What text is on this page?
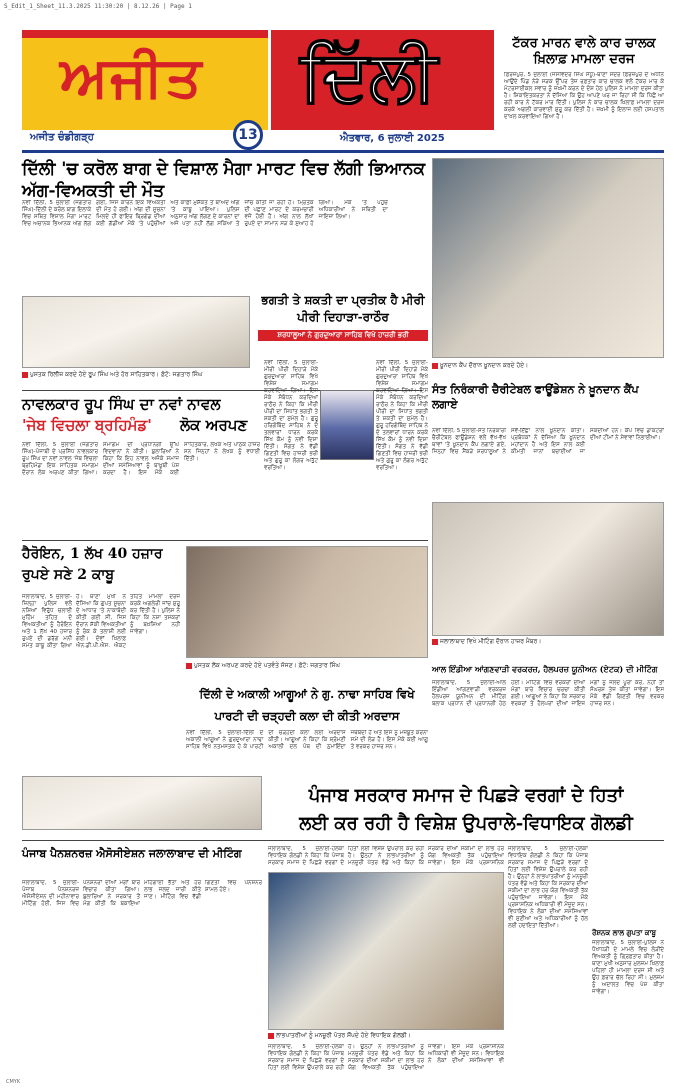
S_Edit_1_Sheet_11.3.2025 11:30:20 | 8.12.26 | Page 1
ਅਜੀਤ
ਅਜੀਤ ਚੰਡੀਗੜ੍ਹ	13
ਦਿੱਲੀ
ਐਤਵਾਰ, 6 ਜੁਲਾਈ 2025
ਟੱਕਰ ਮਾਰਨ ਵਾਲੇ ਕਾਰ ਚਾਲਕ ਖ਼ਿਲਾਫ਼ ਮਾਮਲਾ ਦਰਜ
ਫ਼ਿਰੋਜ਼ਪੁਰ, 5 ਜੁਲਾਈ (ਜਸਵਿੰਦਰ ਸਿੰਘ ਸੰਧੂ)-ਥਾਣਾ ਸਦਰ ਫ਼ਿਰੋਜ਼ਪੁਰ ਦੇ ਅਧੀਨ ਆਉਂਦੇ ਪਿੰਡ ਨੇੜੇ ਸੜਕ ਉੱਪਰ ਤੇਜ਼ ਰਫ਼ਤਾਰ ਕਾਰ ਚਾਲਕ ਵਲੋਂ ਟੱਕਰ ਮਾਰ ਕੇ ਮੋਟਰਸਾਈਕਲ ਸਵਾਰ ਨੂੰ ਜ਼ਖ਼ਮੀ ਕਰਨ ਦੇ ਦੋਸ਼ ਹੇਠ ਪੁਲਿਸ ਨੇ ਮਾਮਲਾ ਦਰਜ ਕੀਤਾ ਹੈ। ਸ਼ਿਕਾਇਤਕਰਤਾ ਨੇ ਦੱਸਿਆ ਕਿ ਉਹ ਆਪਣੇ ਘਰ ਜਾ ਰਿਹਾ ਸੀ ਕਿ ਪਿੱਛੋਂ ਆ ਰਹੀ ਕਾਰ ਨੇ ਟੱਕਰ ਮਾਰ ਦਿੱਤੀ। ਪੁਲਿਸ ਨੇ ਕਾਰ ਚਾਲਕ ਖ਼ਿਲਾਫ਼ ਮਾਮਲਾ ਦਰਜ ਕਰਕੇ ਅਗਲੀ ਕਾਰਵਾਈ ਸ਼ੁਰੂ ਕਰ ਦਿੱਤੀ ਹੈ। ਜ਼ਖ਼ਮੀ ਨੂੰ ਇਲਾਜ ਲਈ ਹਸਪਤਾਲ ਦਾਖ਼ਲ ਕਰਵਾਇਆ ਗਿਆ ਹੈ।
ਦਿੱਲੀ 'ਚ ਕਰੋਲ ਬਾਗ ਦੇ ਵਿਸ਼ਾਲ ਮੈਗਾ ਮਾਰਟ ਵਿਚ ਲੱਗੀ ਭਿਆਨਕ ਅੱਗ-ਵਿਅਕਤੀ ਦੀ ਮੌਤ
ਨਵੀਂ ਦਿੱਲੀ, 5 ਜੁਲਾਈ (ਜਗਤਾਰ ਸਿੰਘ)-ਦਿੱਲੀ ਦੇ ਕਰੋਲ ਬਾਗ ਇਲਾਕੇ ਵਿਚ ਸਥਿਤ ਵਿਸ਼ਾਲ ਮੈਗਾ ਮਾਰਟ ਵਿਚ ਅਚਾਨਕ ਭਿਆਨਕ ਅੱਗ ਲੱਗ ਗਈ, ਜਿਸ ਕਾਰਨ ਇਕ ਵਿਅਕਤੀ ਦੀ ਮੌਤ ਹੋ ਗਈ। ਅੱਗ ਦੀ ਸੂਚਨਾ ਮਿਲਦੇ ਹੀ ਫਾਇਰ ਬ੍ਰਿਗੇਡ ਦੀਆਂ ਕਈ ਗੱਡੀਆਂ ਮੌਕੇ 'ਤੇ ਪਹੁੰਚੀਆਂ ਅਤੇ ਕਾਫ਼ੀ ਮੁਸ਼ੱਕਤ ਤੋਂ ਬਾਅਦ ਅੱਗ 'ਤੇ ਕਾਬੂ ਪਾਇਆ। ਪੁਲਿਸ ਅਨੁਸਾਰ ਅੱਗ ਲੱਗਣ ਦੇ ਕਾਰਨਾਂ ਦਾ ਅਜੇ ਪਤਾ ਨਹੀਂ ਲੱਗ ਸਕਿਆ ਤੇ ਜਾਂਚ ਕੀਤੀ ਜਾ ਰਹੀ ਹੈ। ਮ੍ਰਿਤਕ ਦੀ ਪਛਾਣ ਮਾਰਟ ਦੇ ਕਰਮਚਾਰੀ ਵਜੋਂ ਹੋਈ ਹੈ। ਅੱਗ ਨਾਲ ਲੱਖਾਂ ਰੁਪਏ ਦਾ ਸਾਮਾਨ ਸੜ ਕੇ ਸੁਆਹ ਹੋ ਗਿਆ। ਮੌਕੇ 'ਤੇ ਪਹੁੰਚੇ ਅਧਿਕਾਰੀਆਂ ਨੇ ਸਥਿਤੀ ਦਾ ਜਾਇਜ਼ਾ ਲਿਆ।
ਖ਼ੂਨਦਾਨ ਕੈਂਪ ਦੌਰਾਨ ਖ਼ੂਨਦਾਨ ਕਰਦੇ ਹੋਏ।
ਪੁਸਤਕ ਰਿਲੀਜ਼ ਕਰਦੇ ਹੋਏ ਰੂਪ ਸਿੰਘ ਅਤੇ ਹੋਰ ਸਾਹਿਤਕਾਰ। ਫ਼ੋਟੋ: ਜਗਤਾਰ ਸਿੰਘ
ਭਗਤੀ ਤੇ ਸ਼ਕਤੀ ਦਾ ਪ੍ਰਤੀਕ ਹੈ ਮੀਰੀ ਪੀਰੀ ਦਿਹਾੜਾ-ਰਾਠੌਰ
ਸ਼ਰਧਾਲੂਆਂ ਨੇ ਗੁਰਦੁਆਰਾ ਸਾਹਿਬ ਵਿਖੇ ਹਾਜ਼ਰੀ ਭਰੀ
ਨਾਵਲਕਾਰ ਰੂਪ ਸਿੰਘ ਦਾ ਨਵਾਂ ਨਾਵਲ
'ਜੇਬ ਵਿਚਲਾ ਬ੍ਰਹਿਮੰਡ'	ਲੋਕ ਅਰਪਣ
ਨਵੀਂ ਦਿੱਲੀ, 5 ਜੁਲਾਈ (ਜਗਤਾਰ ਸਿੰਘ)-ਪੰਜਾਬੀ ਦੇ ਪ੍ਰਸਿੱਧ ਨਾਵਲਕਾਰ ਰੂਪ ਸਿੰਘ ਦਾ ਨਵਾਂ ਨਾਵਲ 'ਜੇਬ ਵਿਚਲਾ ਬ੍ਰਹਿਮੰਡ' ਇਕ ਸਾਹਿਤਕ ਸਮਾਗਮ ਦੌਰਾਨ ਲੋਕ ਅਰਪਣ ਕੀਤਾ ਗਿਆ। ਸਮਾਗਮ ਦੀ ਪ੍ਰਧਾਨਗੀ ਉੱਘੇ ਵਿਦਵਾਨਾਂ ਨੇ ਕੀਤੀ। ਬੁਲਾਰਿਆਂ ਨੇ ਕਿਹਾ ਕਿ ਇਹ ਨਾਵਲ ਅਜੋਕੇ ਸਮਾਜ ਦੀਆਂ ਸਮੱਸਿਆਵਾਂ ਨੂੰ ਬਾਖ਼ੂਬੀ ਪੇਸ਼ ਕਰਦਾ ਹੈ। ਇਸ ਮੌਕੇ ਕਈ ਸਾਹਿਤਕਾਰ, ਲੇਖਕ ਅਤੇ ਪਾਠਕ ਹਾਜ਼ਰ ਸਨ ਜਿਨ੍ਹਾਂ ਨੇ ਲੇਖਕ ਨੂੰ ਵਧਾਈ ਦਿੱਤੀ।
ਨਵੀਂ ਦਿੱਲੀ, 5 ਜੁਲਾਈ-ਮੀਰੀ ਪੀਰੀ ਦਿਹਾੜੇ ਮੌਕੇ ਗੁਰਦੁਆਰਾ ਸਾਹਿਬ ਵਿਖੇ ਵਿਸ਼ੇਸ਼ ਸਮਾਗਮ ਕਰਵਾਇਆ ਗਿਆ। ਇਸ ਮੌਕੇ ਸੰਬੋਧਨ ਕਰਦਿਆਂ ਰਾਠੌਰ ਨੇ ਕਿਹਾ ਕਿ ਮੀਰੀ ਪੀਰੀ ਦਾ ਸਿਧਾਂਤ ਭਗਤੀ ਤੇ ਸ਼ਕਤੀ ਦਾ ਸੁਮੇਲ ਹੈ। ਗੁਰੂ ਹਰਿਗੋਬਿੰਦ ਸਾਹਿਬ ਨੇ ਦੋ ਤਲਵਾਰਾਂ ਧਾਰਨ ਕਰਕੇ ਸਿੱਖ ਕੌਮ ਨੂੰ ਨਵੀਂ ਦਿਸ਼ਾ ਦਿੱਤੀ। ਸੰਗਤ ਨੇ ਵੱਡੀ ਗਿਣਤੀ ਵਿਚ ਹਾਜ਼ਰੀ ਭਰੀ ਅਤੇ ਗੁਰੂ ਕਾ ਲੰਗਰ ਅਤੁੱਟ ਵਰਤਿਆ।
ਨਵੀਂ ਦਿੱਲੀ, 5 ਜੁਲਾਈ-ਮੀਰੀ ਪੀਰੀ ਦਿਹਾੜੇ ਮੌਕੇ ਗੁਰਦੁਆਰਾ ਸਾਹਿਬ ਵਿਖੇ ਵਿਸ਼ੇਸ਼ ਸਮਾਗਮ ਕਰਵਾਇਆ ਗਿਆ। ਇਸ ਮੌਕੇ ਸੰਬੋਧਨ ਕਰਦਿਆਂ ਰਾਠੌਰ ਨੇ ਕਿਹਾ ਕਿ ਮੀਰੀ ਪੀਰੀ ਦਾ ਸਿਧਾਂਤ ਭਗਤੀ ਤੇ ਸ਼ਕਤੀ ਦਾ ਸੁਮੇਲ ਹੈ। ਗੁਰੂ ਹਰਿਗੋਬਿੰਦ ਸਾਹਿਬ ਨੇ ਦੋ ਤਲਵਾਰਾਂ ਧਾਰਨ ਕਰਕੇ ਸਿੱਖ ਕੌਮ ਨੂੰ ਨਵੀਂ ਦਿਸ਼ਾ ਦਿੱਤੀ। ਸੰਗਤ ਨੇ ਵੱਡੀ ਗਿਣਤੀ ਵਿਚ ਹਾਜ਼ਰੀ ਭਰੀ ਅਤੇ ਗੁਰੂ ਕਾ ਲੰਗਰ ਅਤੁੱਟ ਵਰਤਿਆ।
ਸੰਤ ਨਿਰੰਕਾਰੀ ਚੈਰੀਟੇਬਲ ਫਾਊਂਡੇਸ਼ਨ ਨੇ ਖ਼ੂਨਦਾਨ ਕੈਂਪ ਲਗਾਏ
ਨਵੀਂ ਦਿੱਲੀ, 5 ਜੁਲਾਈ-ਸੰਤ ਨਿਰੰਕਾਰੀ ਚੈਰੀਟੇਬਲ ਫਾਊਂਡੇਸ਼ਨ ਵਲੋਂ ਵੱਖ-ਵੱਖ ਥਾਵਾਂ 'ਤੇ ਖ਼ੂਨਦਾਨ ਕੈਂਪ ਲਗਾਏ ਗਏ, ਜਿਨ੍ਹਾਂ ਵਿਚ ਸੈਂਕੜੇ ਸ਼ਰਧਾਲੂਆਂ ਨੇ ਸਵੈ-ਇੱਛਾ ਨਾਲ ਖ਼ੂਨਦਾਨ ਕੀਤਾ। ਪ੍ਰਬੰਧਕਾਂ ਨੇ ਦੱਸਿਆ ਕਿ ਖ਼ੂਨਦਾਨ ਮਹਾਂਦਾਨ ਹੈ ਅਤੇ ਇਸ ਨਾਲ ਕਈ ਕੀਮਤੀ ਜਾਨਾਂ ਬਚਾਈਆਂ ਜਾ ਸਕਦੀਆਂ ਹਨ। ਕੈਂਪ ਵਿਚ ਡਾਕਟਰਾਂ ਦੀਆਂ ਟੀਮਾਂ ਨੇ ਸੇਵਾਵਾਂ ਨਿਭਾਈਆਂ।
ਜਲਾਲਾਬਾਦ ਵਿਖੇ ਮੀਟਿੰਗ ਦੌਰਾਨ ਹਾਜ਼ਰ ਮੈਂਬਰ।
ਹੈਰੋਇਨ, 1 ਲੱਖ 40 ਹਜ਼ਾਰ ਰੁਪਏ ਸਣੇ 2 ਕਾਬੂ
ਜਲਾਲਾਬਾਦ, 5 ਜੁਲਾਈ-ਜ਼ਿਲ੍ਹਾ ਪੁਲਿਸ ਵਲੋਂ ਨਸ਼ਿਆਂ ਵਿਰੁੱਧ ਚਲਾਈ ਮੁਹਿੰਮ ਤਹਿਤ ਦੋ ਵਿਅਕਤੀਆਂ ਨੂੰ ਹੈਰੋਇਨ ਅਤੇ 1 ਲੱਖ 40 ਹਜ਼ਾਰ ਰੁਪਏ ਦੀ ਡਰੱਗ ਮਨੀ ਸਮੇਤ ਕਾਬੂ ਕੀਤਾ ਗਿਆ ਹੈ। ਥਾਣਾ ਮੁਖੀ ਨੇ ਦੱਸਿਆ ਕਿ ਗੁਪਤ ਸੂਚਨਾ ਦੇ ਆਧਾਰ 'ਤੇ ਨਾਕਾਬੰਦੀ ਕੀਤੀ ਗਈ ਸੀ, ਜਿਸ ਦੌਰਾਨ ਸ਼ੱਕੀ ਵਿਅਕਤੀਆਂ ਨੂੰ ਰੋਕ ਕੇ ਤਲਾਸ਼ੀ ਲਈ ਗਈ। ਦੋਵਾਂ ਖ਼ਿਲਾਫ਼ ਐਨ.ਡੀ.ਪੀ.ਐਸ. ਐਕਟ ਤਹਿਤ ਮਾਮਲਾ ਦਰਜ ਕਰਕੇ ਅਗਲੇਰੀ ਜਾਂਚ ਸ਼ੁਰੂ ਕਰ ਦਿੱਤੀ ਹੈ। ਪੁਲਿਸ ਨੇ ਕਿਹਾ ਕਿ ਨਸ਼ਾ ਤਸਕਰਾਂ ਨੂੰ ਬਖ਼ਸ਼ਿਆ ਨਹੀਂ ਜਾਵੇਗਾ।
ਪੁਸਤਕ ਲੋਕ ਅਰਪਣ ਕਰਦੇ ਹੋਏ ਪਤਵੰਤੇ ਸੱਜਣ। ਫ਼ੋਟੋ: ਜਗਤਾਰ ਸਿੰਘ
ਦਿੱਲੀ ਦੇ ਅਕਾਲੀ ਆਗੂਆਂ ਨੇ ਗੁ. ਨਾਢਾ ਸਾਹਿਬ ਵਿਖੇ
ਪਾਰਟੀ ਦੀ ਚੜ੍ਹਦੀ ਕਲਾ ਦੀ ਕੀਤੀ ਅਰਦਾਸ
ਨਵੀਂ ਦਿੱਲੀ, 5 ਜੁਲਾਈ-ਦਿੱਲੀ ਦੇ ਅਕਾਲੀ ਆਗੂਆਂ ਨੇ ਗੁਰਦੁਆਰਾ ਨਾਢਾ ਸਾਹਿਬ ਵਿਖੇ ਨਤਮਸਤਕ ਹੋ ਕੇ ਪਾਰਟੀ ਦੀ ਚੜ੍ਹਦੀ ਕਲਾ ਲਈ ਅਰਦਾਸ ਕੀਤੀ। ਆਗੂਆਂ ਨੇ ਕਿਹਾ ਕਿ ਸ਼੍ਰੋਮਣੀ ਅਕਾਲੀ ਦਲ ਪੰਥ ਦੀ ਨੁਮਾਇੰਦਾ ਜਥੇਬੰਦੀ ਹੈ ਅਤੇ ਇਸ ਨੂੰ ਮਜ਼ਬੂਤ ਕਰਨਾ ਸਮੇਂ ਦੀ ਲੋੜ ਹੈ। ਇਸ ਮੌਕੇ ਕਈ ਆਗੂ ਤੇ ਵਰਕਰ ਹਾਜ਼ਰ ਸਨ।
ਆਲ ਇੰਡੀਆ ਆਂਗਣਵਾੜੀ ਵਰਕਰਜ਼, ਹੈਲਪਰਜ਼ ਯੂਨੀਅਨ (ਏਟਕ) ਦੀ ਮੀਟਿੰਗ
ਜਲਾਲਾਬਾਦ, 5 ਜੁਲਾਈ-ਆਲ ਇੰਡੀਆ ਆਂਗਣਵਾੜੀ ਵਰਕਰਜ਼ ਹੈਲਪਰਜ਼ ਯੂਨੀਅਨ ਦੀ ਮੀਟਿੰਗ ਬਲਾਕ ਪ੍ਰਧਾਨ ਦੀ ਪ੍ਰਧਾਨਗੀ ਹੇਠ ਹੋਈ। ਮੀਟਿੰਗ ਵਿਚ ਵਰਕਰਾਂ ਦੀਆਂ ਮੰਗਾਂ ਬਾਰੇ ਵਿਚਾਰ ਚਰਚਾ ਕੀਤੀ ਗਈ। ਆਗੂਆਂ ਨੇ ਕਿਹਾ ਕਿ ਸਰਕਾਰ ਵਰਕਰਾਂ ਤੇ ਹੈਲਪਰਾਂ ਦੀਆਂ ਜਾਇਜ਼ ਮੰਗਾਂ ਨੂੰ ਜਲਦ ਪੂਰਾ ਕਰੇ, ਨਹੀਂ ਤਾਂ ਸੰਘਰਸ਼ ਤੇਜ਼ ਕੀਤਾ ਜਾਵੇਗਾ। ਇਸ ਮੌਕੇ ਵੱਡੀ ਗਿਣਤੀ ਵਿਚ ਵਰਕਰ ਹਾਜ਼ਰ ਸਨ।
ਪੰਜਾਬ ਸਰਕਾਰ ਸਮਾਜ ਦੇ ਪਿਛੜੇ ਵਰਗਾਂ ਦੇ ਹਿਤਾਂ
ਲਈ ਕਰ ਰਹੀ ਹੈ ਵਿਸ਼ੇਸ਼ ਉਪਰਾਲੇ-ਵਿਧਾਇਕ ਗੋਲਡੀ
ਪੰਜਾਬ ਪੈਨਸ਼ਨਰਜ਼ ਐਸੋਸੀਏਸ਼ਨ ਜਲਾਲਾਬਾਦ ਦੀ ਮੀਟਿੰਗ
ਜਲਾਲਾਬਾਦ, 5 ਜੁਲਾਈ-ਪੰਜਾਬ ਪੈਨਸ਼ਨਰਜ਼ ਐਸੋਸੀਏਸ਼ਨ ਦੀ ਮਹੀਨਾਵਾਰ ਮੀਟਿੰਗ ਹੋਈ, ਜਿਸ ਵਿਚ ਪੈਨਸ਼ਨਰਾਂ ਦੀਆਂ ਮੰਗਾਂ ਬਾਰੇ ਵਿਚਾਰ ਕੀਤਾ ਗਿਆ। ਬੁਲਾਰਿਆਂ ਨੇ ਸਰਕਾਰ ਤੋਂ ਮੰਗ ਕੀਤੀ ਕਿ ਬਕਾਇਆ ਮਹਿੰਗਾਈ ਭੱਤਾ ਅਤੇ ਹੋਰ ਲਾਭ ਜਲਦ ਜਾਰੀ ਕੀਤੇ ਜਾਣ। ਮੀਟਿੰਗ ਵਿਚ ਵੱਡੀ ਗਿਣਤੀ ਵਿਚ ਪੈਨਸ਼ਨਰ ਸ਼ਾਮਲ ਹੋਏ।
ਜਲਾਲਾਬਾਦ, 5 ਜੁਲਾਈ-ਹਲਕਾ ਵਿਧਾਇਕ ਗੋਲਡੀ ਨੇ ਕਿਹਾ ਕਿ ਪੰਜਾਬ ਸਰਕਾਰ ਸਮਾਜ ਦੇ ਪਿਛੜੇ ਵਰਗਾਂ ਦੇ ਹਿਤਾਂ ਲਈ ਵਿਸ਼ੇਸ਼ ਉਪਰਾਲੇ ਕਰ ਰਹੀ ਹੈ। ਉਨ੍ਹਾਂ ਨੇ ਲਾਭਪਾਤਰੀਆਂ ਨੂੰ ਮਨਜ਼ੂਰੀ ਪੱਤਰ ਵੰਡੇ ਅਤੇ ਕਿਹਾ ਕਿ ਸਰਕਾਰ ਦੀਆਂ ਸਕੀਮਾਂ ਦਾ ਲਾਭ ਹਰ ਯੋਗ ਵਿਅਕਤੀ ਤੱਕ ਪਹੁੰਚਾਇਆ ਜਾਵੇਗਾ। ਇਸ ਮੌਕੇ ਪ੍ਰਸ਼ਾਸਨਿਕ
ਲਾਭਪਾਤਰੀਆਂ ਨੂੰ ਮਨਜ਼ੂਰੀ ਪੱਤਰ ਸੌਂਪਦੇ ਹੋਏ ਵਿਧਾਇਕ ਗੋਲਡੀ।
ਜਲਾਲਾਬਾਦ, 5 ਜੁਲਾਈ-ਹਲਕਾ ਵਿਧਾਇਕ ਗੋਲਡੀ ਨੇ ਕਿਹਾ ਕਿ ਪੰਜਾਬ ਸਰਕਾਰ ਸਮਾਜ ਦੇ ਪਿਛੜੇ ਵਰਗਾਂ ਦੇ ਹਿਤਾਂ ਲਈ ਵਿਸ਼ੇਸ਼ ਉਪਰਾਲੇ ਕਰ ਰਹੀ ਹੈ। ਉਨ੍ਹਾਂ ਨੇ ਲਾਭਪਾਤਰੀਆਂ ਨੂੰ ਮਨਜ਼ੂਰੀ ਪੱਤਰ ਵੰਡੇ ਅਤੇ ਕਿਹਾ ਕਿ ਸਰਕਾਰ ਦੀਆਂ ਸਕੀਮਾਂ ਦਾ ਲਾਭ ਹਰ ਯੋਗ ਵਿਅਕਤੀ ਤੱਕ ਪਹੁੰਚਾਇਆ ਜਾਵੇਗਾ। ਇਸ ਮੌਕੇ ਪ੍ਰਸ਼ਾਸਨਿਕ ਅਧਿਕਾਰੀ ਵੀ ਮੌਜੂਦ ਸਨ। ਵਿਧਾਇਕ ਨੇ ਲੋਕਾਂ ਦੀਆਂ ਸਮੱਸਿਆਵਾਂ ਵੀ
ਜਲਾਲਾਬਾਦ, 5 ਜੁਲਾਈ-ਹਲਕਾ ਵਿਧਾਇਕ ਗੋਲਡੀ ਨੇ ਕਿਹਾ ਕਿ ਪੰਜਾਬ ਸਰਕਾਰ ਸਮਾਜ ਦੇ ਪਿਛੜੇ ਵਰਗਾਂ ਦੇ ਹਿਤਾਂ ਲਈ ਵਿਸ਼ੇਸ਼ ਉਪਰਾਲੇ ਕਰ ਰਹੀ ਹੈ। ਉਨ੍ਹਾਂ ਨੇ ਲਾਭਪਾਤਰੀਆਂ ਨੂੰ ਮਨਜ਼ੂਰੀ ਪੱਤਰ ਵੰਡੇ ਅਤੇ ਕਿਹਾ ਕਿ ਸਰਕਾਰ ਦੀਆਂ ਸਕੀਮਾਂ ਦਾ ਲਾਭ ਹਰ ਯੋਗ ਵਿਅਕਤੀ ਤੱਕ ਪਹੁੰਚਾਇਆ ਜਾਵੇਗਾ। ਇਸ ਮੌਕੇ ਪ੍ਰਸ਼ਾਸਨਿਕ ਅਧਿਕਾਰੀ ਵੀ ਮੌਜੂਦ ਸਨ। ਵਿਧਾਇਕ ਨੇ ਲੋਕਾਂ ਦੀਆਂ ਸਮੱਸਿਆਵਾਂ ਵੀ ਸੁਣੀਆਂ ਅਤੇ ਅਧਿਕਾਰੀਆਂ ਨੂੰ ਹੱਲ ਲਈ ਹਦਾਇਤਾਂ ਦਿੱਤੀਆਂ।
ਰੌਸ਼ਨਕ ਲਾਲ ਗੁਪਤਾ ਕਾਬੂ
ਜਲਾਲਾਬਾਦ, 5 ਜੁਲਾਈ-ਪੁਲਿਸ ਨੇ ਧੋਖਾਧੜੀ ਦੇ ਮਾਮਲੇ ਵਿਚ ਲੋੜੀਂਦੇ ਵਿਅਕਤੀ ਨੂੰ ਗ੍ਰਿਫ਼ਤਾਰ ਕੀਤਾ ਹੈ। ਥਾਣਾ ਮੁਖੀ ਅਨੁਸਾਰ ਮੁਲਜ਼ਮ ਖ਼ਿਲਾਫ਼ ਪਹਿਲਾਂ ਹੀ ਮਾਮਲਾ ਦਰਜ ਸੀ ਅਤੇ ਉਹ ਫ਼ਰਾਰ ਚੱਲ ਰਿਹਾ ਸੀ। ਮੁਲਜ਼ਮ ਨੂੰ ਅਦਾਲਤ ਵਿਚ ਪੇਸ਼ ਕੀਤਾ ਜਾਵੇਗਾ।
CMYK
